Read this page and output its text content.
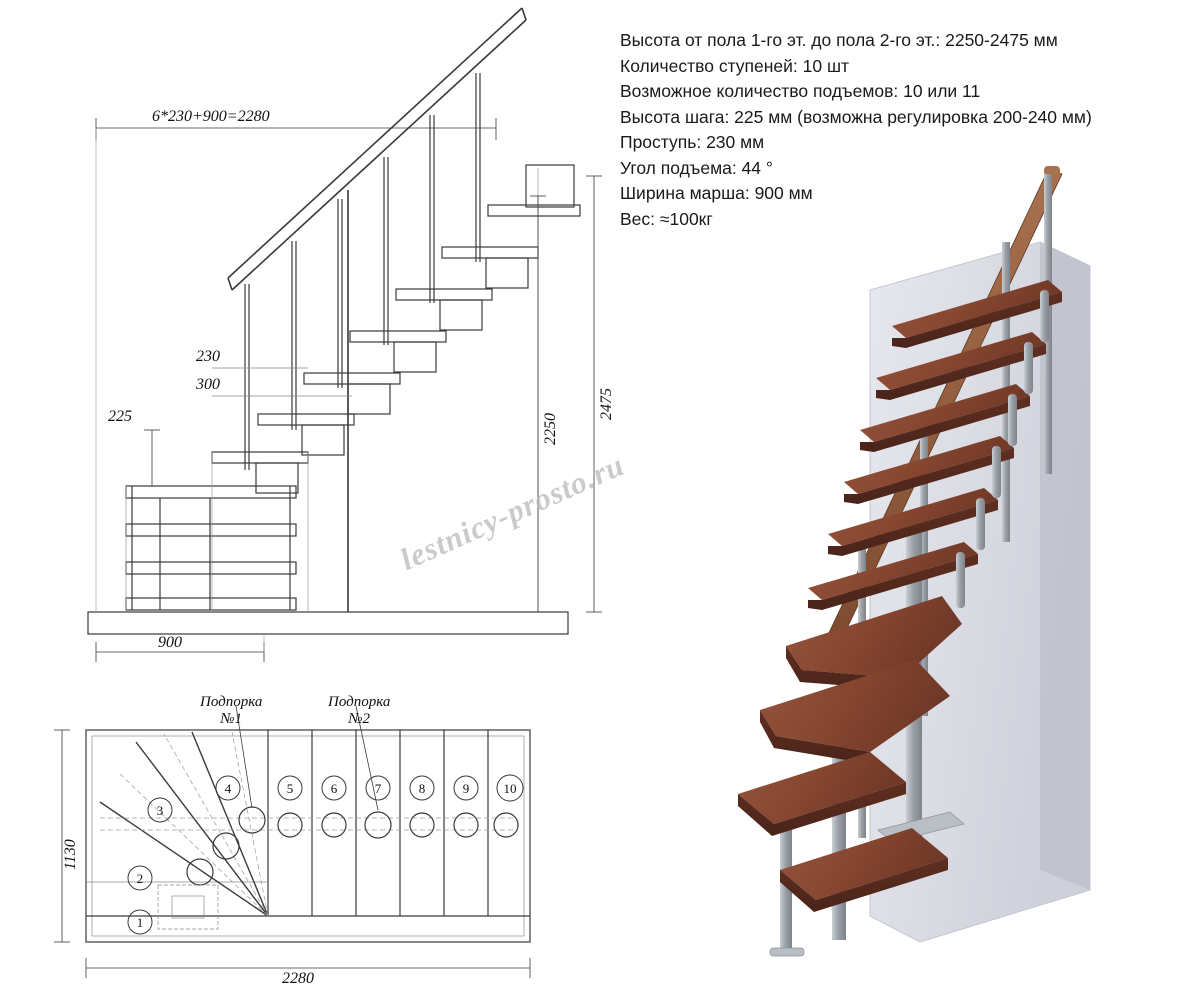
Высота от пола 1-го эт. до пола 2-го эт.: 2250-2475 мм
Количество ступеней: 10 шт
Возможное количество подъемов: 10 или 11
Высота шага: 225 мм (возможна регулировка 200-240 мм)
Проступь: 230 мм
Угол подъема: 44 °
Ширина марша: 900 мм
Вес: ≈100кг
6*230+900=2280
230
300
225	2475
2250
900
1
2
3
4	5	6	7	8	9	10
Подпорка
№1
Подпорка
№2
1130
2280
lestnicy-prosto.ru
